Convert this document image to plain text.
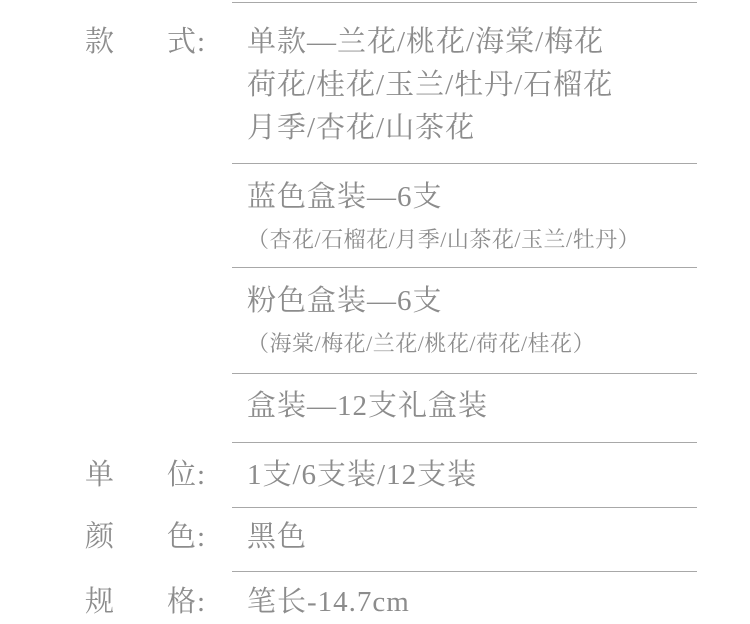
款 式: 单款—兰花/桃花/海棠/梅花
荷花/桂花/玉兰/牡丹/石榴花
月季/杏花/山茶花
蓝色盒装—6支
（杏花/石榴花/月季/山茶花/玉兰/牡丹）
粉色盒装—6支
（海棠/梅花/兰花/桃花/荷花/桂花）
盒装—12支礼盒装
单 位: 1支/6支装/12支装
颜 色: 黑色
规 格: 笔长-14.7cm
